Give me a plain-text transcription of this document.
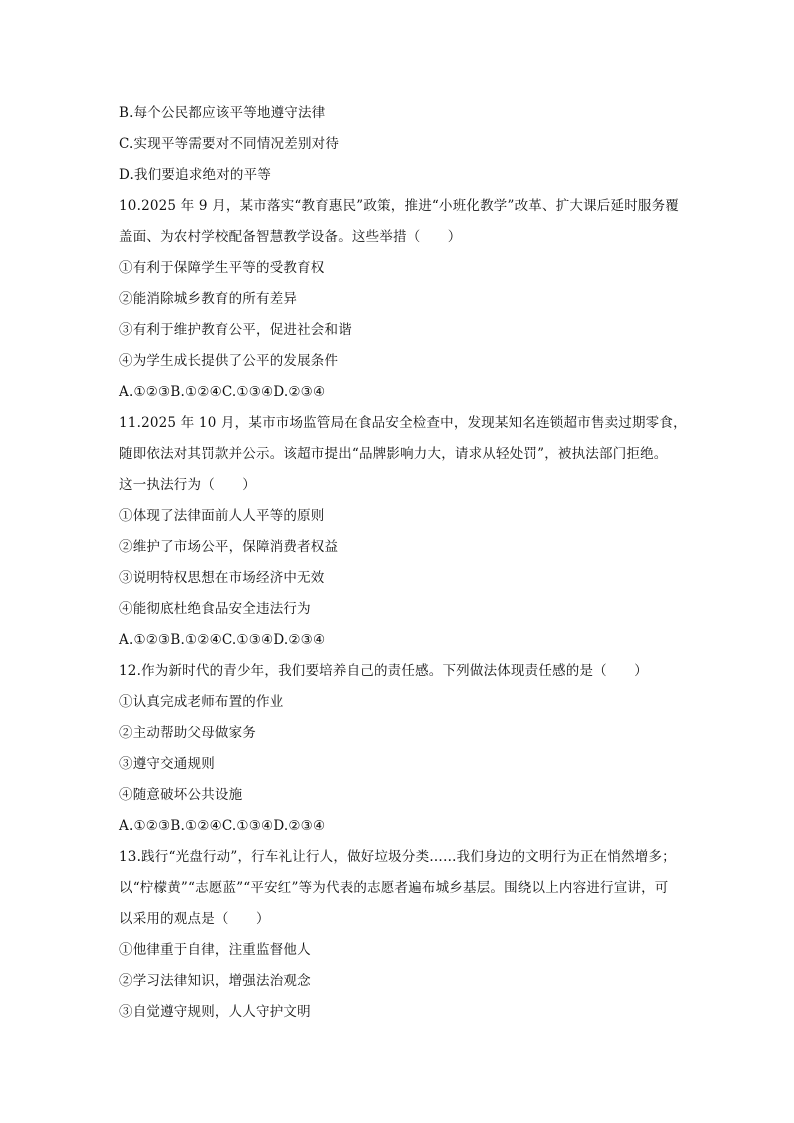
B.每个公民都应该平等地遵守法律
C.实现平等需要对不同情况差别对待
D.我们要追求绝对的平等
10.2025 年 9 月，某市落实“教育惠民”政策，推进“小班化教学”改革、扩大课后延时服务覆
盖面、为农村学校配备智慧教学设备。这些举措（　　）
①有利于保障学生平等的受教育权
②能消除城乡教育的所有差异
③有利于维护教育公平，促进社会和谐
④为学生成长提供了公平的发展条件
A.①②③B.①②④C.①③④D.②③④
11.2025 年 10 月，某市市场监管局在食品安全检查中，发现某知名连锁超市售卖过期零食，
随即依法对其罚款并公示。该超市提出“品牌影响力大，请求从轻处罚”，被执法部门拒绝。
这一执法行为（　　）
①体现了法律面前人人平等的原则
②维护了市场公平，保障消费者权益
③说明特权思想在市场经济中无效
④能彻底杜绝食品安全违法行为
A.①②③B.①②④C.①③④D.②③④
12.作为新时代的青少年，我们要培养自己的责任感。下列做法体现责任感的是（　　）
①认真完成老师布置的作业
②主动帮助父母做家务
③遵守交通规则
④随意破坏公共设施
A.①②③B.①②④C.①③④D.②③④
13.践行“光盘行动”，行车礼让行人，做好垃圾分类……我们身边的文明行为正在悄然增多；
以“柠檬黄”“志愿蓝”“平安红”等为代表的志愿者遍布城乡基层。围绕以上内容进行宣讲，可
以采用的观点是（　　）
①他律重于自律，注重监督他人
②学习法律知识，增强法治观念
③自觉遵守规则，人人守护文明
